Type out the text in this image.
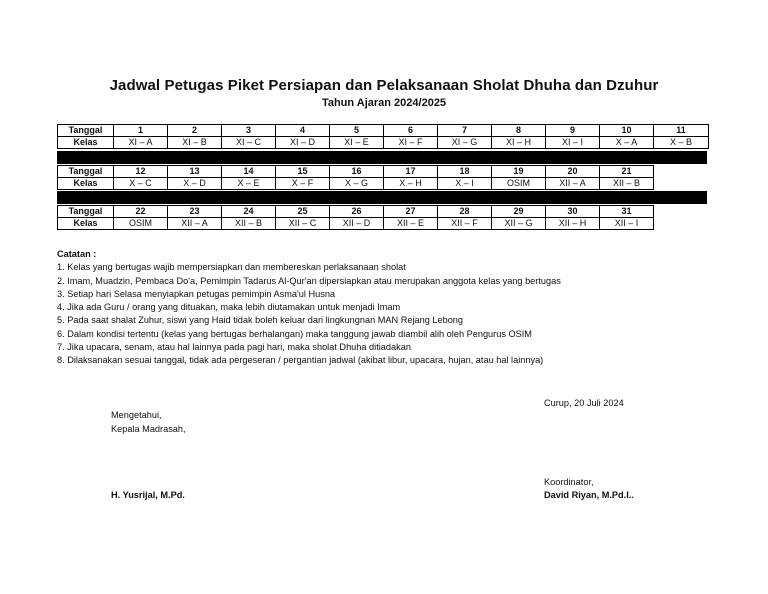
Jadwal Petugas Piket Persiapan dan Pelaksanaan Sholat Dhuha dan Dzuhur
Tahun Ajaran 2024/2025
Tanggal	1	2	3	4	5	6	7	8	9	10	11
Kelas	XI – A	XI – B	XI – C	XI – D	XI – E	XI – F	XI – G	XI – H	XI – I	X – A	X – B
Tanggal	12	13	14	15	16	17	18	19	20	21
Kelas	X – C	X – D	X – E	X – F	X – G	X – H	X – I	OSIM	XII – A	XII – B
Tanggal	22	23	24	25	26	27	28	29	30	31
Kelas	OSIM	XII – A	XII – B	XII – C	XII – D	XII – E	XII – F	XII – G	XII – H	XII – I
Catatan :
1. Kelas yang bertugas wajib mempersiapkan dan membereskan perlaksanaan sholat
2. Imam, Muadzin, Pembaca Do'a, Pemimpin Tadarus Al-Qur'an dipersiapkan atau merupakan anggota kelas yang bertugas
3. Setiap hari Selasa menyiapkan petugas pemimpin Asma'ul Husna
4. Jika ada Guru / orang yang dituakan, maka lebih diutamakan untuk menjadi Imam
5. Pada saat shalat Zuhur, siswi yang Haid tidak boleh keluar dari lingkungnan MAN Rejang Lebong
6. Dalam kondisi tertentu (kelas yang bertugas berhalangan) maka tanggung jawab diambil alih oleh Pengurus OSIM
7. Jika upacara, senam, atau hal lainnya pada pagi hari, maka sholat Dhuha ditiadakan
8. Dilaksanakan sesuai tanggal, tidak ada pergeseran / pergantian jadwal (akibat libur, upacara, hujan, atau hal lainnya)
Curup, 20 Juli 2024
Mengetahui,
Kepala Madrasah,
Koordinator,
H. Yusrijal, M.Pd.	David Riyan, M.Pd.I..
